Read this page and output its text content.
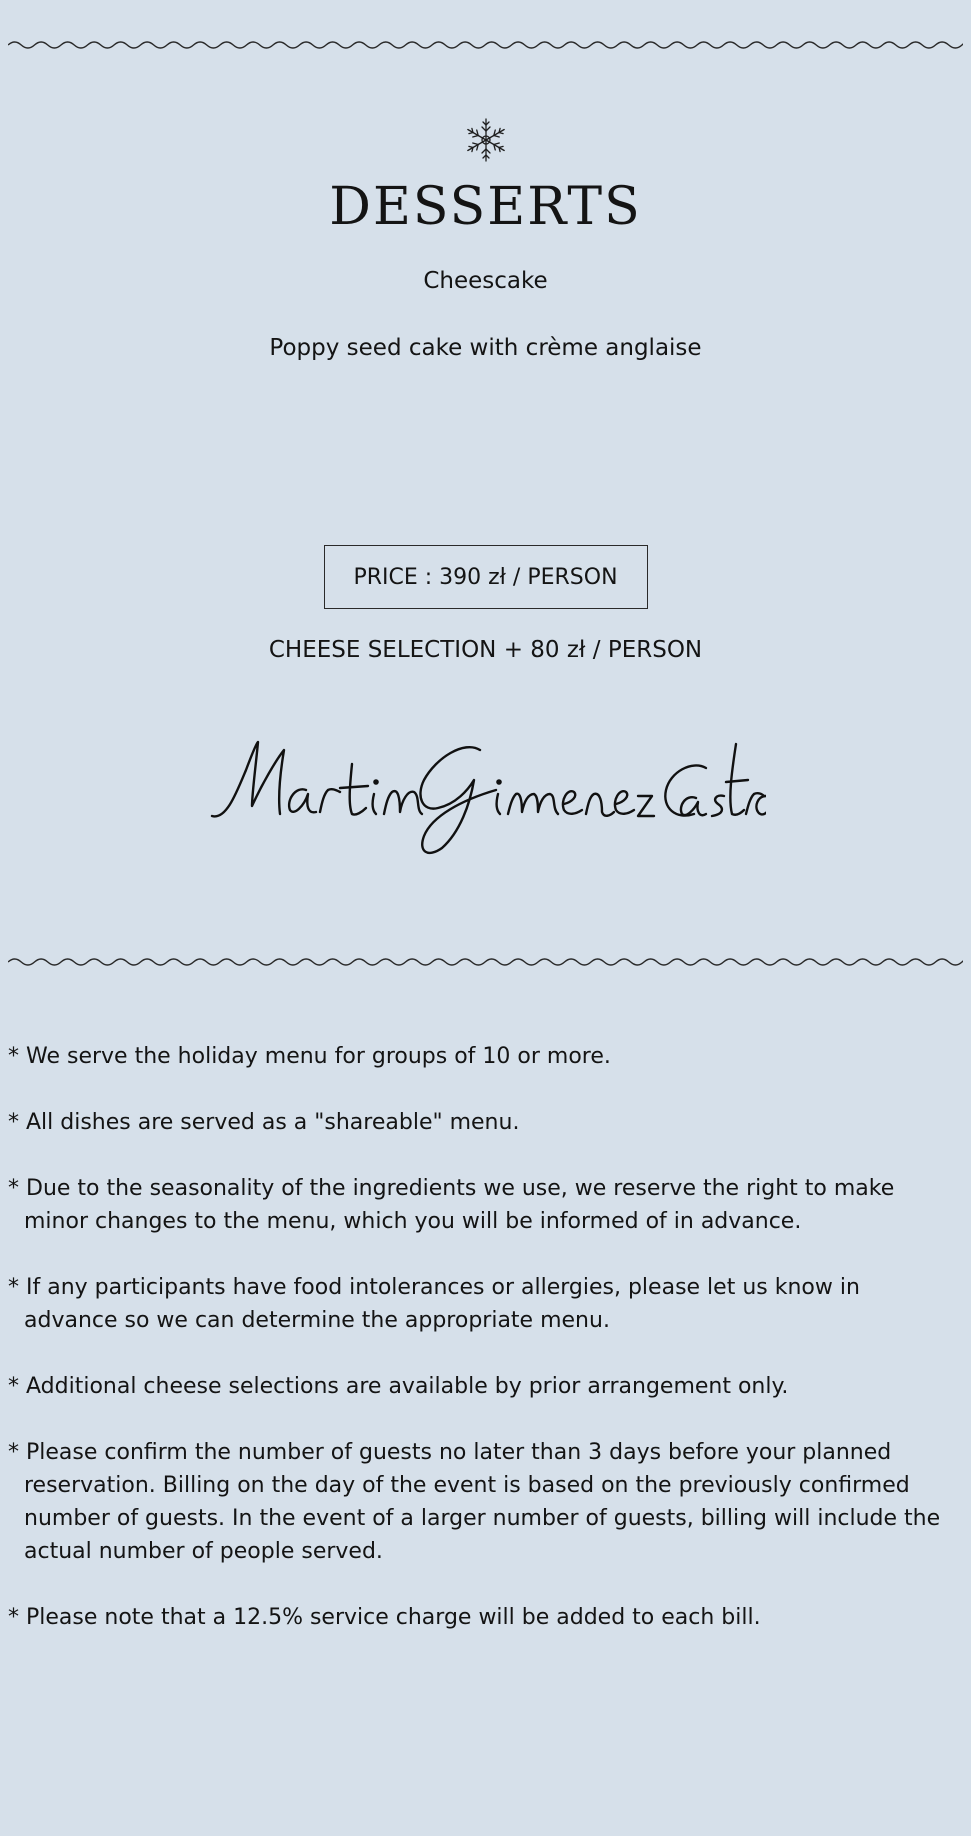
DESSERTS
Cheescake
Poppy seed cake with crème anglaise
PRICE : 390 zł / PERSON
CHEESE SELECTION + 80 zł / PERSON
* We serve the holiday menu for groups of 10 or more.
* All dishes are served as a "shareable" menu.
* Due to the seasonality of the ingredients we use, we reserve the right to make minor changes to the menu, which you will be informed of in advance.
* If any participants have food intolerances or allergies, please let us know in advance so we can determine the appropriate menu.
* Additional cheese selections are available by prior arrangement only.
* Please confirm the number of guests no later than 3 days before your planned reservation. Billing on the day of the event is based on the previously confirmed number of guests. In the event of a larger number of guests, billing will include the actual number of people served.
* Please note that a 12.5% service charge will be added to each bill.
